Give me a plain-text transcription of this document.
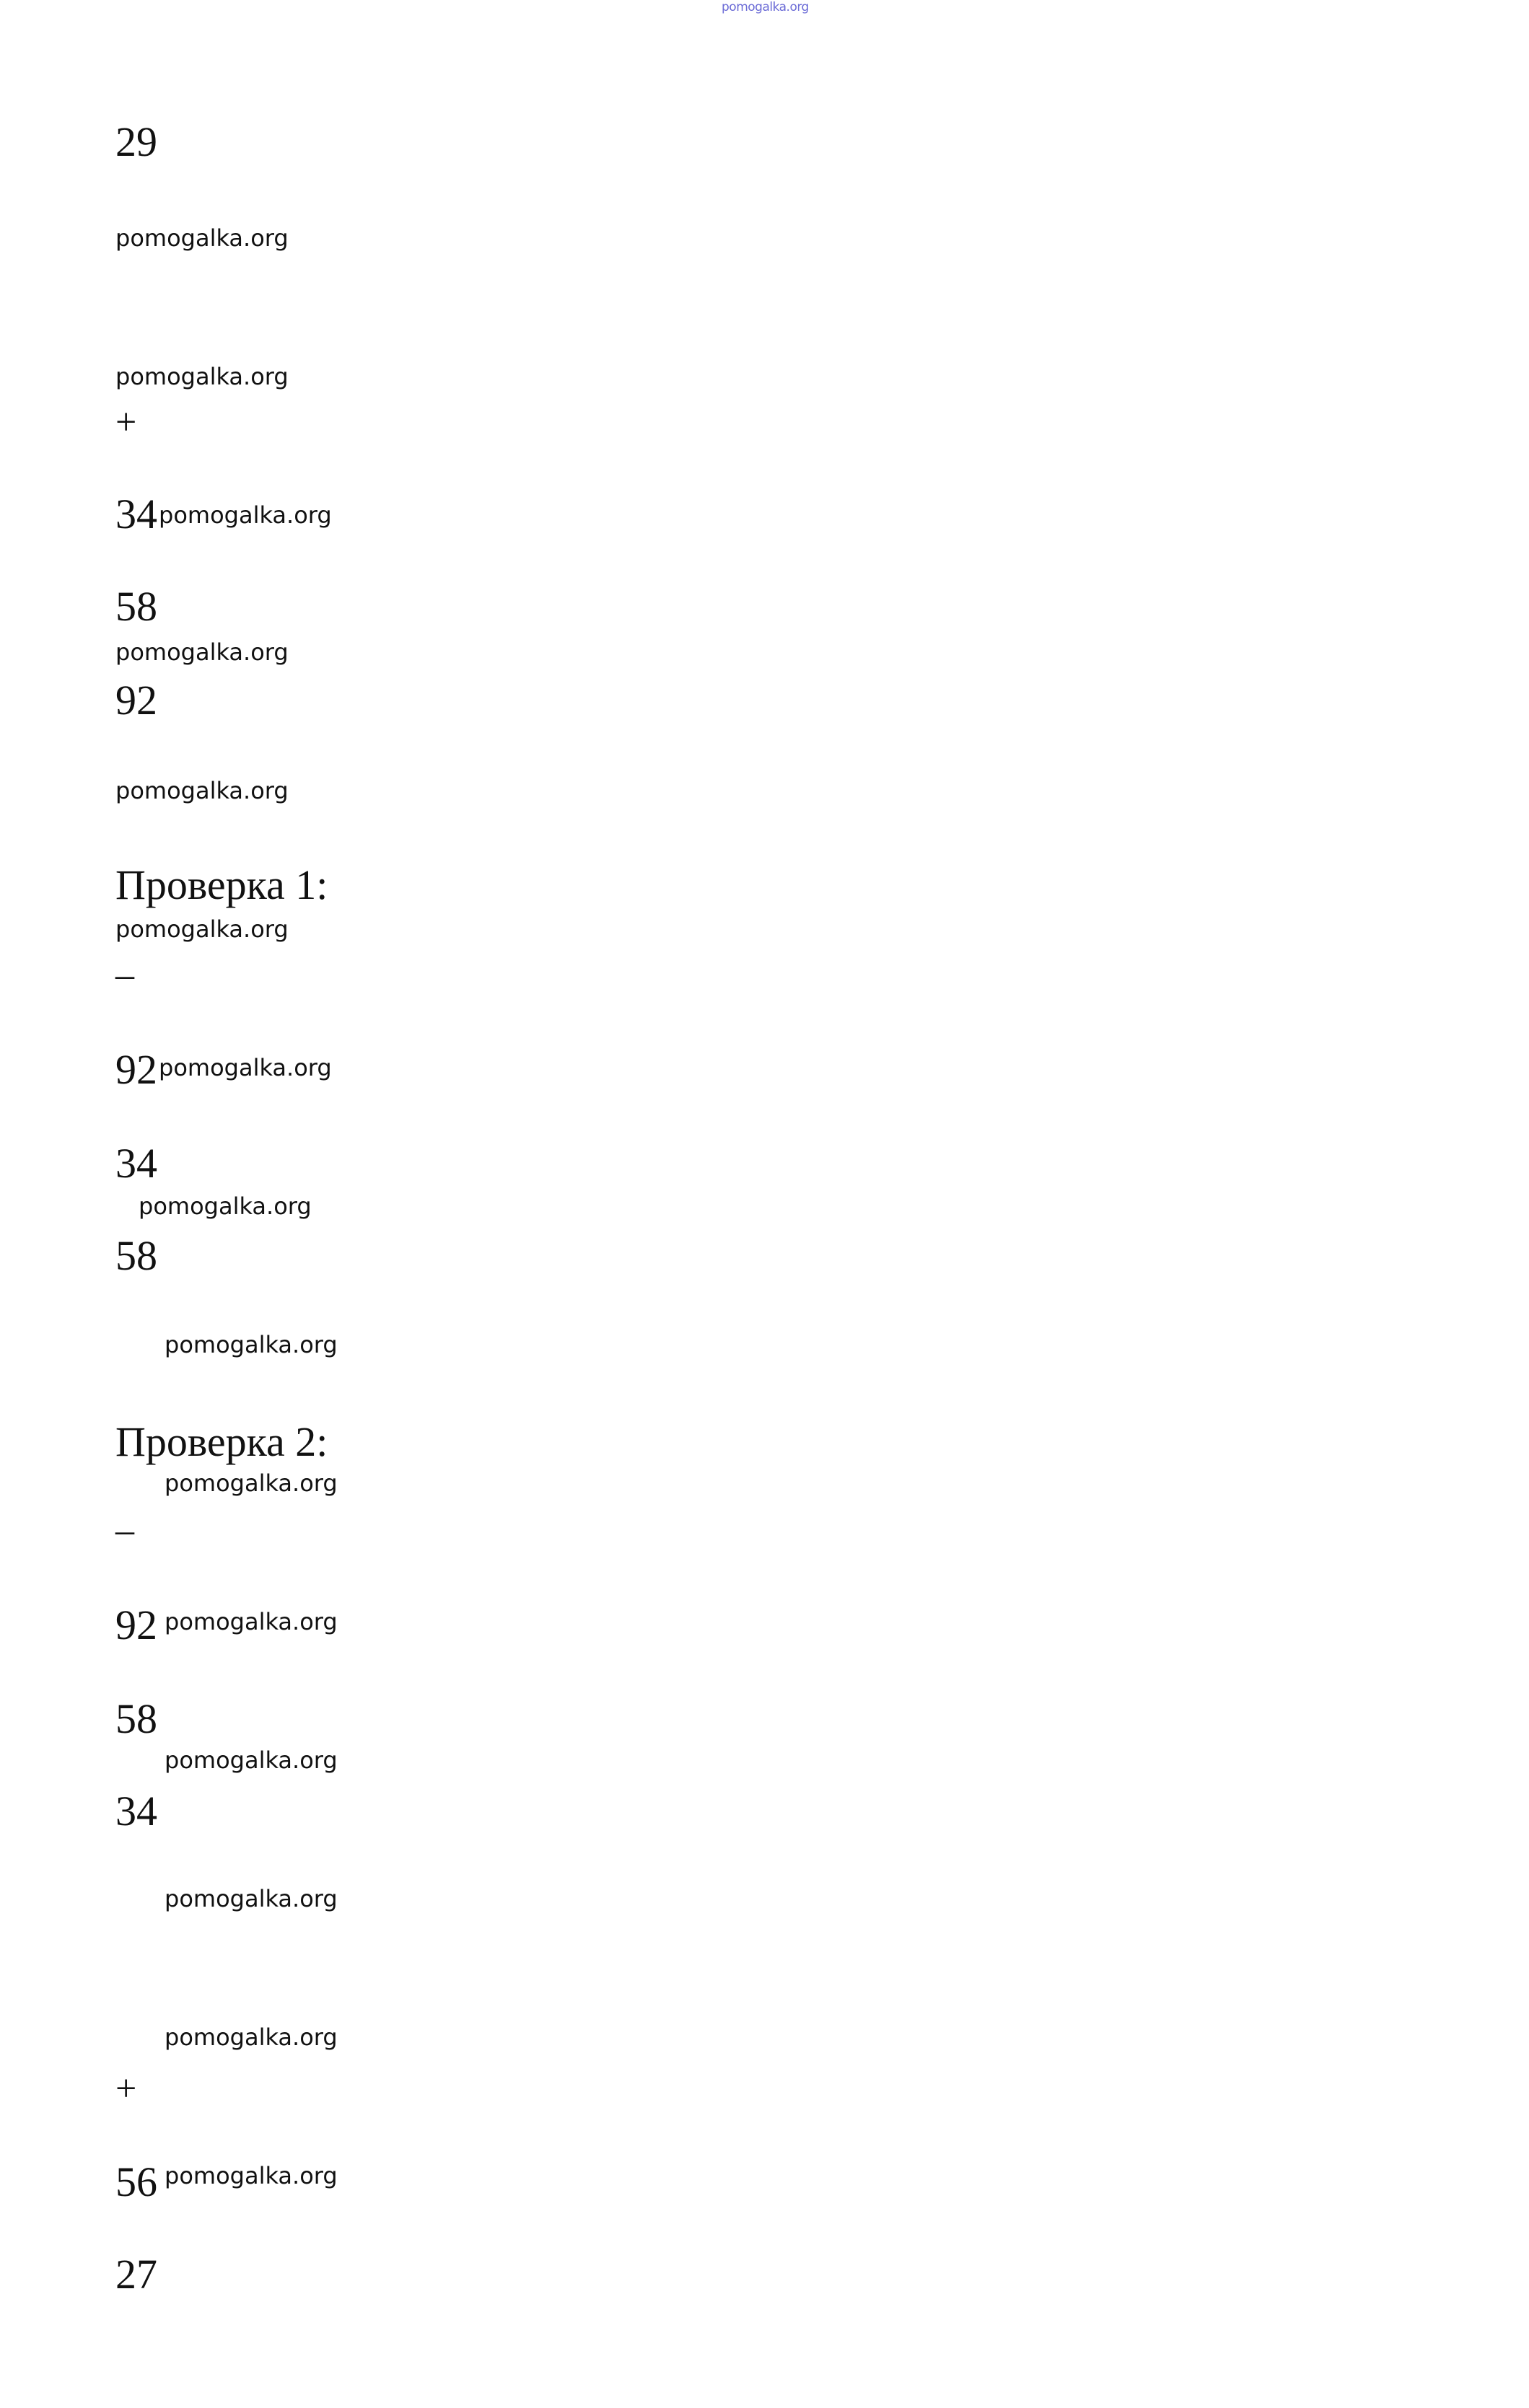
pomogalka.org
29
+
34
58
92
Проверка 1:
–
92
34
58
Проверка 2:
–
92
58
34
+
56
27
pomogalka.org
pomogalka.org
pomogalka.org
pomogalka.org
pomogalka.org
pomogalka.org
pomogalka.org
pomogalka.org
pomogalka.org
pomogalka.org
pomogalka.org
pomogalka.org
pomogalka.org
pomogalka.org
pomogalka.org
